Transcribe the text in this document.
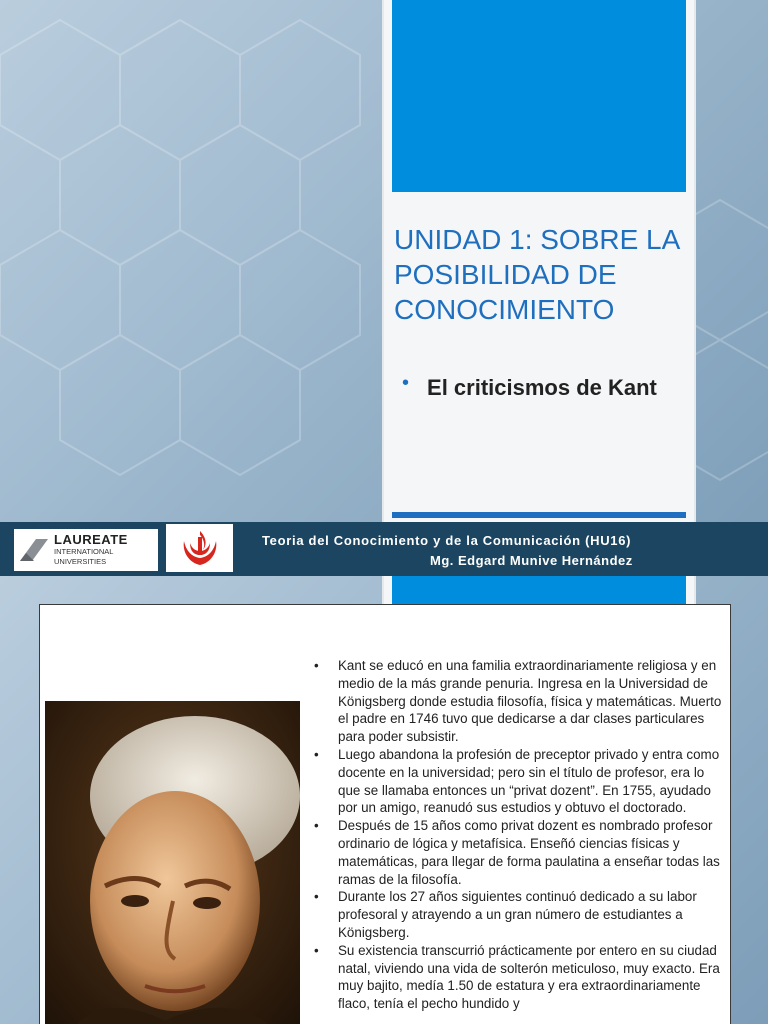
UNIDAD 1: SOBRE LA POSIBILIDAD DE CONOCIMIENTO
• El criticismos de Kant
LAUREATE
INTERNATIONAL
UNIVERSITIES
Teoria del Conocimiento y de la Comunicación (HU16)
Mg. Edgard Munive Hernández
• Kant se educó en una familia extraordinariamente religiosa y en medio de la más grande penuria. Ingresa en la Universidad de Königsberg donde estudia filosofía, física y matemáticas. Muerto el padre en 1746 tuvo que dedicarse a dar clases particulares para poder subsistir.
• Luego abandona la profesión de preceptor privado y entra como docente en la universidad; pero sin el título de profesor, era lo que se llamaba entonces un “privat dozent”. En 1755, ayudado por un amigo, reanudó sus estudios y obtuvo el doctorado.
• Después de 15 años como privat dozent es nombrado profesor ordinario de lógica y metafísica. Enseñó ciencias físicas y matemáticas, para llegar de forma paulatina a enseñar todas las ramas de la filosofía.
• Durante los 27 años siguientes continuó dedicado a su labor profesoral y atrayendo a un gran número de estudiantes a Königsberg.
• Su existencia transcurrió prácticamente por entero en su ciudad natal, viviendo una vida de solterón meticuloso, muy exacto. Era muy bajito, medía 1.50 de estatura y era extraordinariamente flaco, tenía el pecho hundido y
